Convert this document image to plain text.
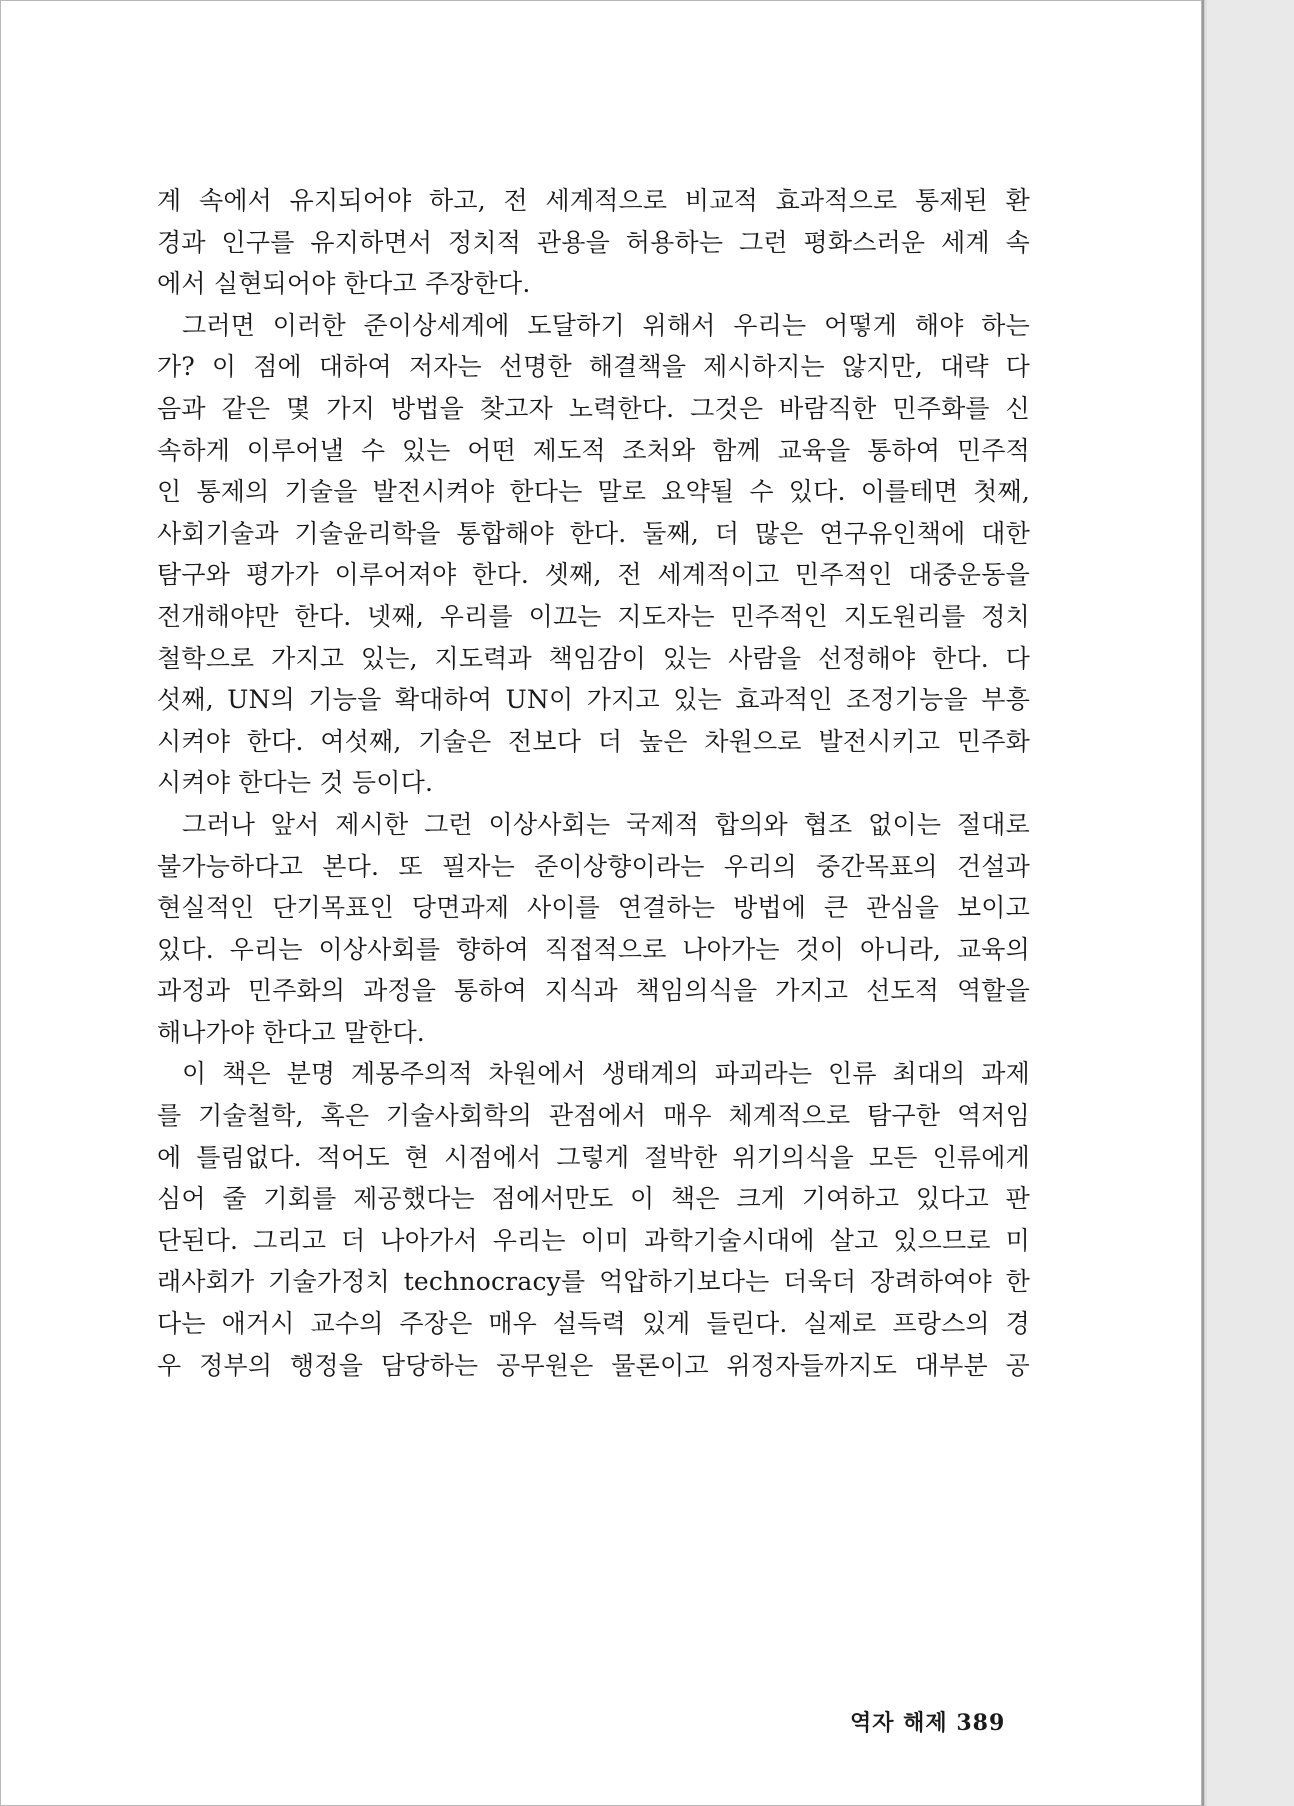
계 속에서 유지되어야 하고, 전 세계적으로 비교적 효과적으로 통제된 환
경과 인구를 유지하면서 정치적 관용을 허용하는 그런 평화스러운 세계 속
에서 실현되어야 한다고 주장한다.
그러면 이러한 준이상세계에 도달하기 위해서 우리는 어떻게 해야 하는
가? 이 점에 대하여 저자는 선명한 해결책을 제시하지는 않지만, 대략 다
음과 같은 몇 가지 방법을 찾고자 노력한다. 그것은 바람직한 민주화를 신
속하게 이루어낼 수 있는 어떤 제도적 조처와 함께 교육을 통하여 민주적
인 통제의 기술을 발전시켜야 한다는 말로 요약될 수 있다. 이를테면 첫째,
사회기술과 기술윤리학을 통합해야 한다. 둘째, 더 많은 연구유인책에 대한
탐구와 평가가 이루어져야 한다. 셋째, 전 세계적이고 민주적인 대중운동을
전개해야만 한다. 넷째, 우리를 이끄는 지도자는 민주적인 지도원리를 정치
철학으로 가지고 있는, 지도력과 책임감이 있는 사람을 선정해야 한다. 다
섯째, UN의 기능을 확대하여 UN이 가지고 있는 효과적인 조정기능을 부흥
시켜야 한다. 여섯째, 기술은 전보다 더 높은 차원으로 발전시키고 민주화
시켜야 한다는 것 등이다.
그러나 앞서 제시한 그런 이상사회는 국제적 합의와 협조 없이는 절대로
불가능하다고 본다. 또 필자는 준이상향이라는 우리의 중간목표의 건설과
현실적인 단기목표인 당면과제 사이를 연결하는 방법에 큰 관심을 보이고
있다. 우리는 이상사회를 향하여 직접적으로 나아가는 것이 아니라, 교육의
과정과 민주화의 과정을 통하여 지식과 책임의식을 가지고 선도적 역할을
해나가야 한다고 말한다.
이 책은 분명 계몽주의적 차원에서 생태계의 파괴라는 인류 최대의 과제
를 기술철학, 혹은 기술사회학의 관점에서 매우 체계적으로 탐구한 역저임
에 틀림없다. 적어도 현 시점에서 그렇게 절박한 위기의식을 모든 인류에게
심어 줄 기회를 제공했다는 점에서만도 이 책은 크게 기여하고 있다고 판
단된다. 그리고 더 나아가서 우리는 이미 과학기술시대에 살고 있으므로 미
래사회가 기술가정치 technocracy를 억압하기보다는 더욱더 장려하여야 한
다는 애거시 교수의 주장은 매우 설득력 있게 들린다. 실제로 프랑스의 경
우 정부의 행정을 담당하는 공무원은 물론이고 위정자들까지도 대부분 공
역자 해제 389
